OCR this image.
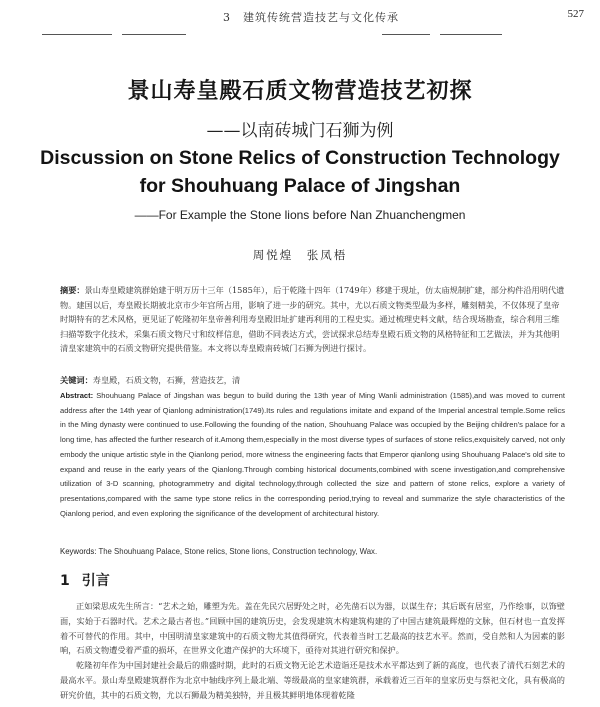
3　建筑传统营造技艺与文化传承	527
景山寿皇殿石质文物营造技艺初探
——以南砖城门石狮为例
Discussion on Stone Relics of Construction Technology
for Shouhuang Palace of Jingshan
——For Example the Stone lions before Nan Zhuanchengmen
周悦煌　张凤梧
摘要：景山寿皇殿建筑群始建于明万历十三年（1585年），后于乾隆十四年（1749年）移建于现址，仿太庙规制扩建，部分构件沿用明代遗物。建国以后，寿皇殿长期被北京市少年宫所占用，影响了进一步的研究。其中，尤以石质文物类型最为多样，雕刻精美，不仅体现了皇帝时期特有的艺术风格，更见证了乾隆初年皇帝善利用寿皇殿旧址扩建再利用的工程史实。通过梳理史料文献，结合现场勘查，综合利用三维扫描等数字化技术，采集石质文物尺寸和纹样信息，借助不同表达方式，尝试探求总结寿皇殿石质文物的风格特征和工艺做法，并为其他明清皇家建筑中的石质文物研究提供借鉴。本文将以寿皇殿南砖城门石狮为例进行探讨。
关键词：寿皇殿，石质文物，石狮，营造技艺，清
Abstract: Shouhuang Palace of Jingshan was begun to build during the 13th year of Ming Wanli administration (1585),and was moved to current address after the 14th year of Qianlong administration(1749).Its rules and regulations imitate and expand of the Imperial ancestral temple.Some relics in the Ming dynasty were continued to use.Following the founding of the nation, Shouhuang Palace was occupied by the Beijing children's palace for a long time, has affected the further research of it.Among them,especially in the most diverse types of surfaces of stone relics,exquisitely carved, not only embody the unique artistic style in the Qianlong period, more witness the engineering facts that Emperor qianlong using Shouhuang Palace's old site to expand and reuse in the early years of the Qianlong.Through combing historical documents,combined with scene investigation,and comprehensive utilization of 3-D scanning, photogrammetry and digital technology,through collected the size and pattern of stone relics, explore a variety of presentations,compared with the same type stone relics in the corresponding period,trying to reveal and summarize the style characteristics of the Qianlong period, and even exploring the significance of the development of architectural history.
Keywords: The Shouhuang Palace, Stone relics, Stone lions, Construction technology, Wax.
1 引言

正如梁思成先生所言：“艺术之始，雕塑为先。盖在先民穴居野处之时，必先凿石以为器，以谋生存；其后既有居室，乃作绘事，以饰壁面，实始于石器时代。艺术之最古者也。”回顾中国的建筑历史，会发现建筑木构建筑构建的了中国古建筑最辉煌的文脉，但石材也一直发挥着不可替代的作用。其中，中国明清皇家建筑中的石质文物尤其值得研究，代表着当时工艺最高的技艺水平。然而，受自然和人为因素的影响，石质文物遭受着严重的损坏，在世界文化遗产保护的大环境下，亟待对其进行研究和保护。

乾隆初年作为中国封建社会最后的鼎盛时期，此时的石质文物无论艺术造诣还是技术水平都达到了新的高度，也代表了清代石刻艺术的最高水平。景山寿皇殿建筑群作为北京中轴线序列上最北端、等级最高的皇家建筑群，承载着近三百年的皇家历史与祭祀文化，具有极高的研究价值，其中的石质文物，尤以石狮最为精美独特，并且极其鲜明地体现着乾隆
